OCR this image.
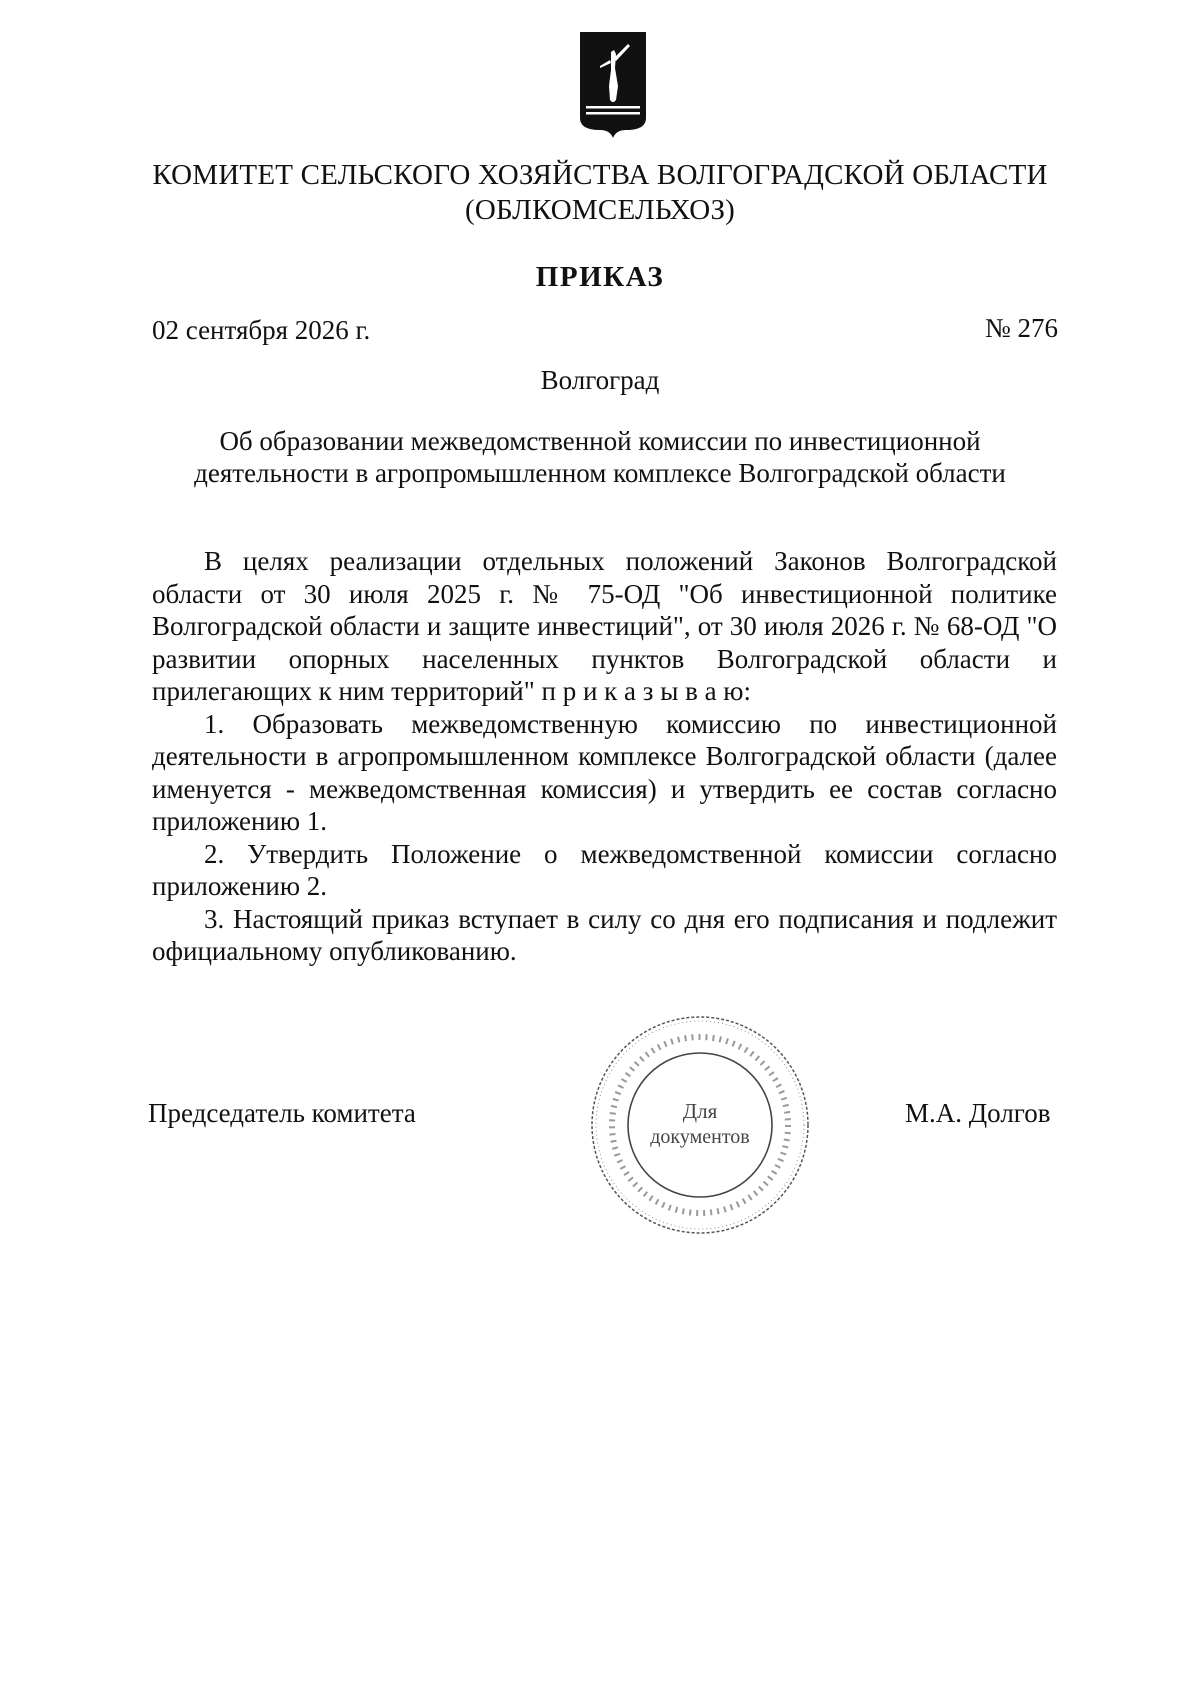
КОМИТЕТ СЕЛЬСКОГО ХОЗЯЙСТВА ВОЛГОГРАДСКОЙ ОБЛАСТИ
(ОБЛКОМСЕЛЬХОЗ)
ПРИКАЗ
02 сентября 2026 г.	№ 276
Волгоград
Об образовании межведомственной комиссии по инвестиционной
деятельности в агропромышленном комплексе Волгоградской области

В целях реализации отдельных положений Законов Волгоградской области от 30 июля 2025 г. № 75-ОД "Об инвестиционной политике Волгоградской области и защите инвестиций", от 30 июля 2026 г. № 68-ОД "О развитии опорных населенных пунктов Волгоградской области и прилегающих к ним территорий" п р и к а з ы в а ю:

1. Образовать межведомственную комиссию по инвестиционной деятельности в агропромышленном комплексе Волгоградской области (далее именуется - межведомственная комиссия) и утвердить ее состав согласно приложению 1.

2. Утвердить Положение о межведомственной комиссии согласно приложению 2.

3. Настоящий приказ вступает в силу со дня его подписания и подлежит официальному опубликованию.

Председатель комитета	Для
документов
М.А. Долгов
